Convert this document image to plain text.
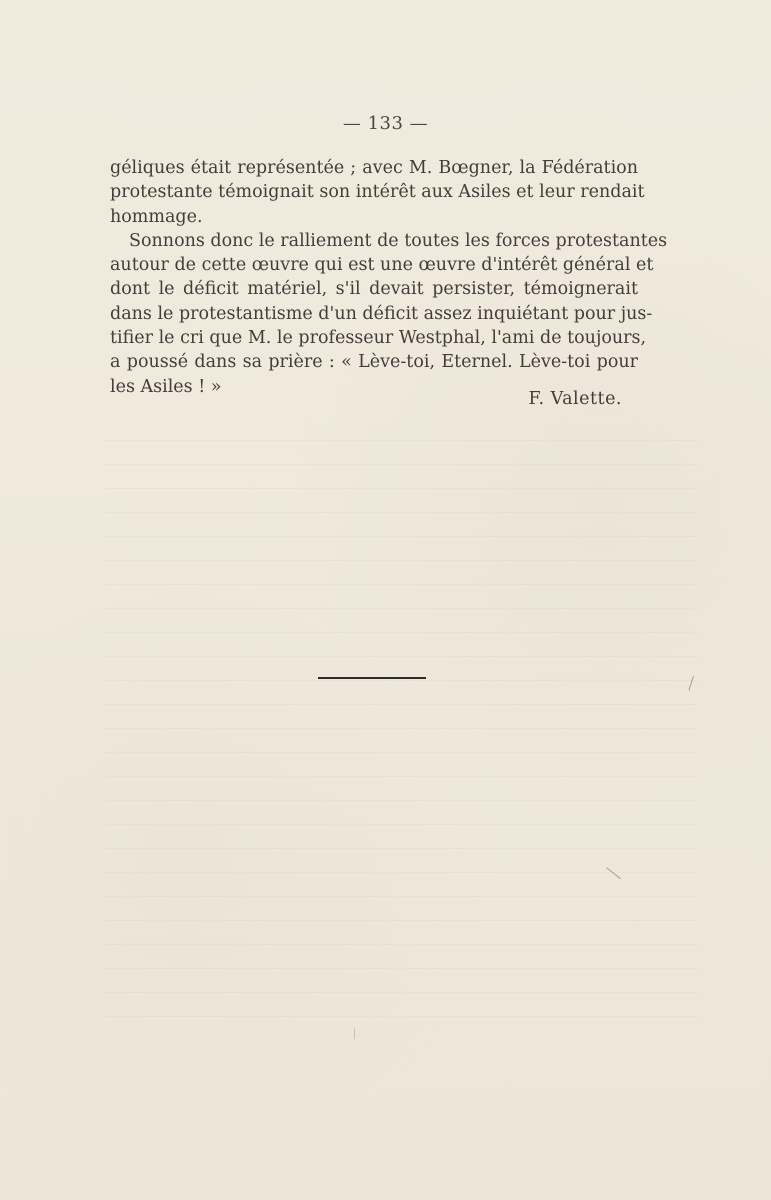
— 133 —
géliques était représentée ; avec M. Bœgner, la Fédération
protestante témoignait son intérêt aux Asiles et leur rendait
hommage.
Sonnons donc le ralliement de toutes les forces protestantes
autour de cette œuvre qui est une œuvre d'intérêt général et
dont le déficit matériel, s'il devait persister, témoignerait
dans le protestantisme d'un déficit assez inquiétant pour jus-
tifier le cri que M. le professeur Westphal, l'ami de toujours,
a poussé dans sa prière : « Lève-toi, Eternel. Lève-toi pour
les Asiles ! »
F. Valette.
